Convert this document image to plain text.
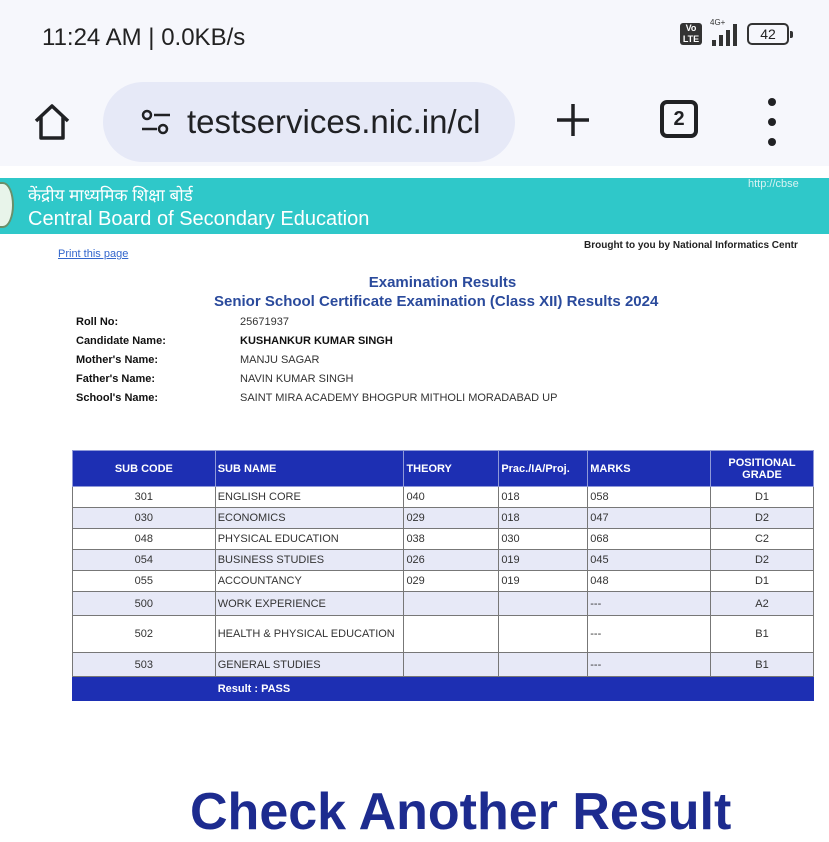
11:24 AM | 0.0KB/s	Vo LTE
4G+
42
testservices.nic.in/cl	2
केंद्रीय माध्यमिक शिक्षा बोर्ड
Central Board of Secondary Education
http://cbse
Print this page
Brought to you by National Informatics Centr
Examination Results
Senior School Certificate Examination (Class XII) Results 2024
Roll No:	25671937
Candidate Name:	KUSHANKUR KUMAR SINGH
Mother's Name:	MANJU SAGAR
Father's Name:	NAVIN KUMAR SINGH
School's Name:	SAINT MIRA ACADEMY BHOGPUR MITHOLI MORADABAD UP
SUB CODE	SUB NAME	THEORY	Prac./IA/Proj.	MARKS	POSITIONAL GRADE
301	ENGLISH CORE	040	018	058	D1
030	ECONOMICS	029	018	047	D2
048	PHYSICAL EDUCATION	038	030	068	C2
054	BUSINESS STUDIES	026	019	045	D2
055	ACCOUNTANCY	029	019	048	D1
500	WORK EXPERIENCE			---	A2
502	HEALTH & PHYSICAL EDUCATION			---	B1
503	GENERAL STUDIES			---	B1
	Result : PASS				
Check Another Result
